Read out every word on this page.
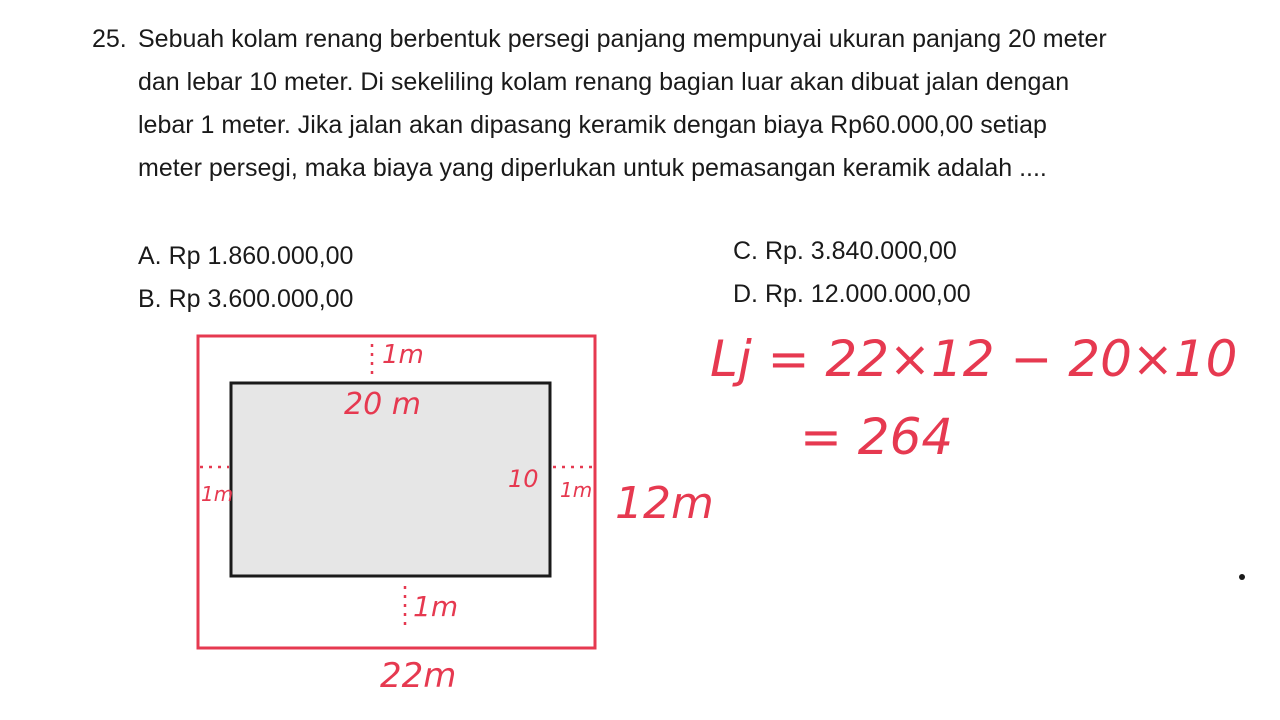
25. Sebuah kolam renang berbentuk persegi panjang mempunyai ukuran panjang 20 meter
dan lebar 10 meter. Di sekeliling kolam renang bagian luar akan dibuat jalan dengan
lebar 1 meter. Jika jalan akan dipasang keramik dengan biaya Rp60.000,00 setiap
meter persegi, maka biaya yang diperlukan untuk pemasangan keramik adalah ....
A. Rp 1.860.000,00
B. Rp 3.600.000,00
C. Rp. 3.840.000,00
D. Rp. 12.000.000,00
1m
20 m
1m
10 1m 12m
1m
22m
Lj = 22×12 − 20×10
= 264
